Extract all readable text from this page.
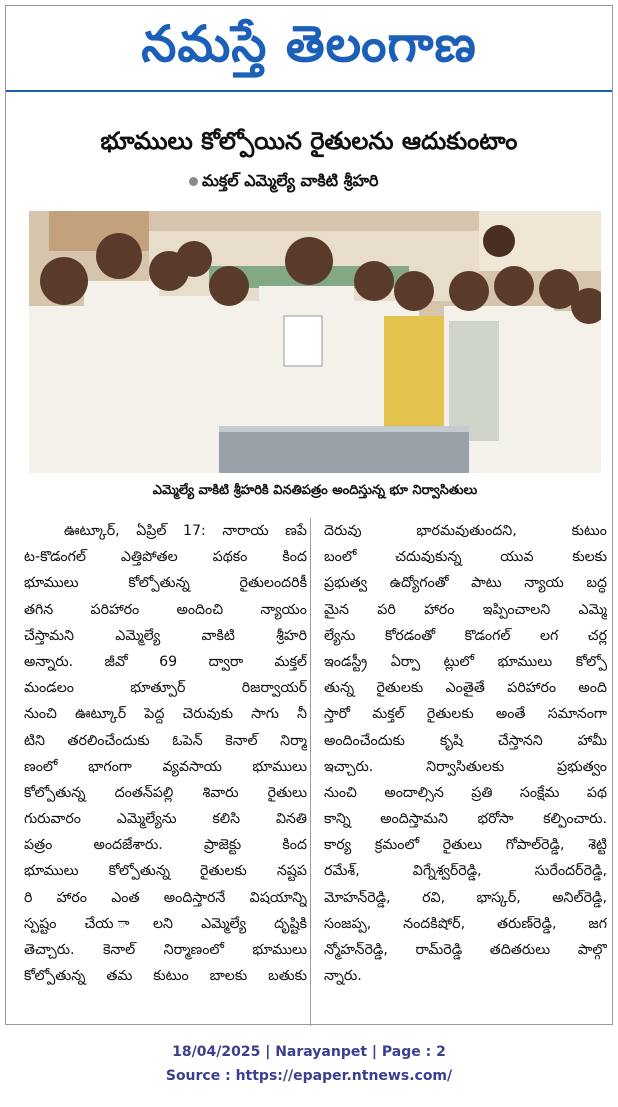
నమస్తే తెలంగాణ
భూములు కోల్పోయిన రైతులను ఆదుకుంటాం
మక్తల్ ఎమ్మెల్యే వాకిటి శ్రీహరి
ఎమ్మెల్యే వాకిటి శ్రీహరికి వినతిపత్రం అందిస్తున్న భూ నిర్వాసితులు

ఊట్కూర్, ఏప్రిల్ 17: నారాయ ణపే

ట-కొడంగల్ ఎత్తిపోతల పథకం కింద

భూములు కోల్పోతున్న రైతులందరికీ

తగిన పరిహారం అందించి న్యాయం

చేస్తామని ఎమ్మెల్యే వాకిటి శ్రీహరి

అన్నారు. జీవో 69 ద్వారా మక్తల్

మండలం భూత్పూర్ రిజర్వాయర్

నుంచి ఊట్కూర్ పెద్ద చెరువుకు సాగు నీ

టిని తరలించేందుకు ఓపెన్ కెనాల్ నిర్మా

ణంలో భాగంగా వ్యవసాయ భూములు

కోల్పోతున్న దంతన్‌పల్లి శివారు రైతులు

గురువారం ఎమ్మెల్యేను కలిసి వినతి

పత్రం అందజేశారు. ప్రాజెక్టు కింద

భూములు కోల్పోతున్న రైతులకు నష్టప

రి హారం ఎంత అందిస్తారనే విషయాన్ని

స్పష్టం చేయ ాలని ఎమ్మెల్యే దృష్టికి

తెచ్చారు. కెనాల్ నిర్మాణంలో భూములు

కోల్పోతున్న తమ కుటుం బాలకు బతుకు

దెరువు భారమవుతుందని, కుటుం

బంలో చదువుకున్న యువ కులకు

ప్రభుత్వ ఉద్యోగంతో పాటు న్యాయ బద్ధ

మైన పరి హారం ఇప్పించాలని ఎమ్మె

ల్యేను కోరడంతో కొడంగల్ లగ చర్ల

ఇండస్ట్రీ ఏర్పా ట్లులో భూములు కోల్పో

తున్న రైతులకు ఎంతైతే పరిహారం అంది

స్తారో మక్తల్ రైతులకు అంతే సమానంగా

అందించేందుకు కృషి చేస్తానని హామీ

ఇచ్చారు. నిర్వాసితులకు ప్రభుత్వం

నుంచి అందాల్సిన ప్రతి సంక్షేమ పథ

కాన్ని అందిస్తామని భరోసా కల్పించారు.

కార్య క్రమంలో రైతులు గోపాల్‌రెడ్డి, శెట్టి

రమేశ్, విగ్నేశ్వర్‌రెడ్డి, సురేందర్‌రెడ్డి,

మోహన్‌రెడ్డి, రవి, భాస్కర్, అనిల్‌రెడ్డి,

సంజప్ప, నందకిషోర్, తరుణ్‌రెడ్డి, జగ

న్మోహన్‌రెడ్డి, రామ్‌రెడ్డి తదితరులు పాల్గొ

న్నారు.

18/04/2025 | Narayanpet | Page : 2
Source : https://epaper.ntnews.com/
